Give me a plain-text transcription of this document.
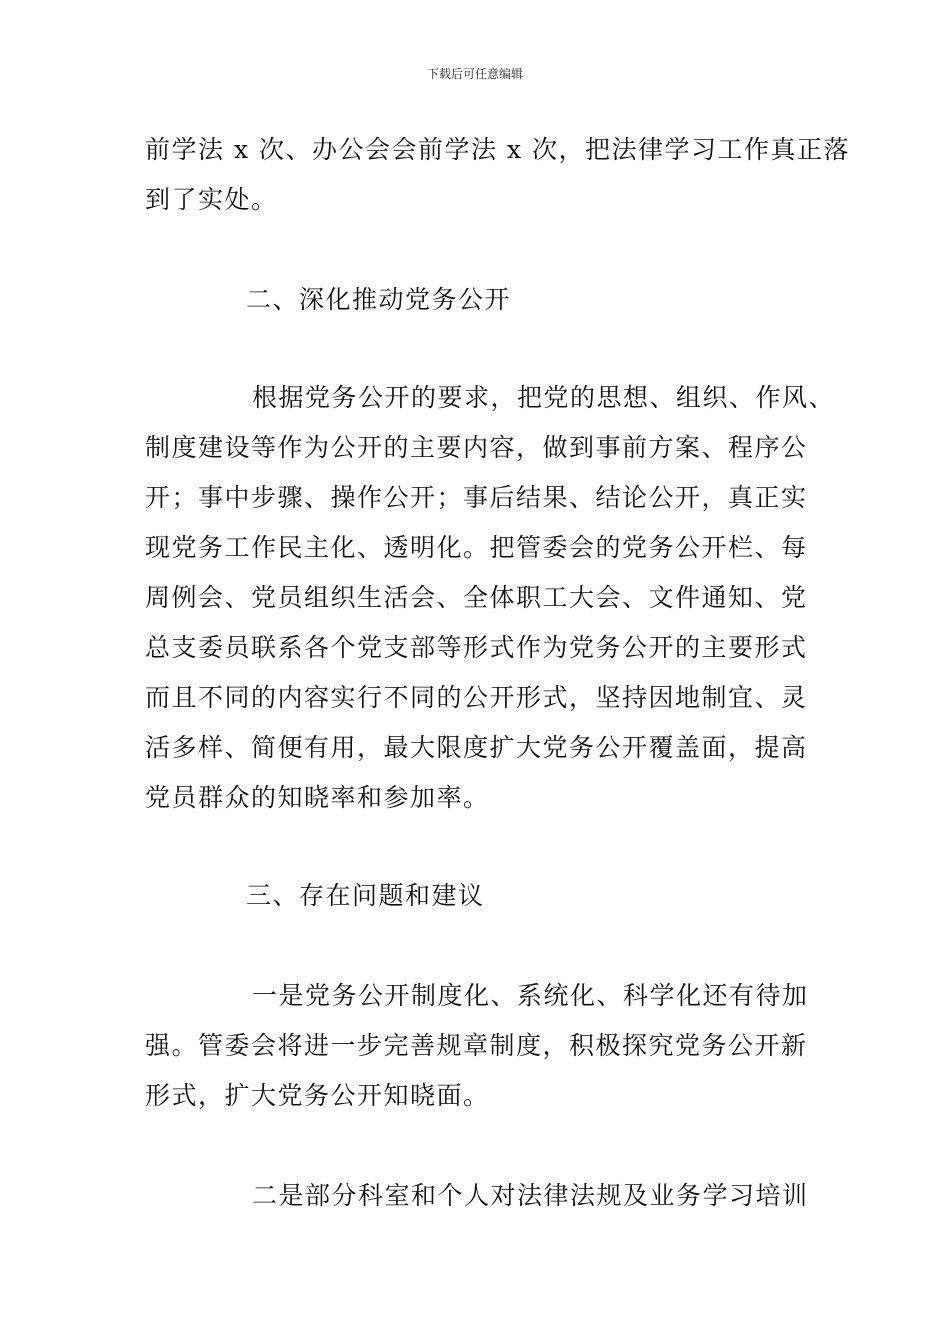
下载后可任意编辑
前学法 x 次、办公会会前学法 x 次，把法律学习工作真正落
到了实处。
二、深化推动党务公开
根据党务公开的要求，把党的思想、组织、作风、
制度建设等作为公开的主要内容，做到事前方案、程序公
开；事中步骤、操作公开；事后结果、结论公开，真正实
现党务工作民主化、透明化。把管委会的党务公开栏、每
周例会、党员组织生活会、全体职工大会、文件通知、党
总支委员联系各个党支部等形式作为党务公开的主要形式
而且不同的内容实行不同的公开形式，坚持因地制宜、灵
活多样、简便有用，最大限度扩大党务公开覆盖面，提高
党员群众的知晓率和参加率。
三、存在问题和建议
一是党务公开制度化、系统化、科学化还有待加
强。管委会将进一步完善规章制度，积极探究党务公开新
形式，扩大党务公开知晓面。
二是部分科室和个人对法律法规及业务学习培训
